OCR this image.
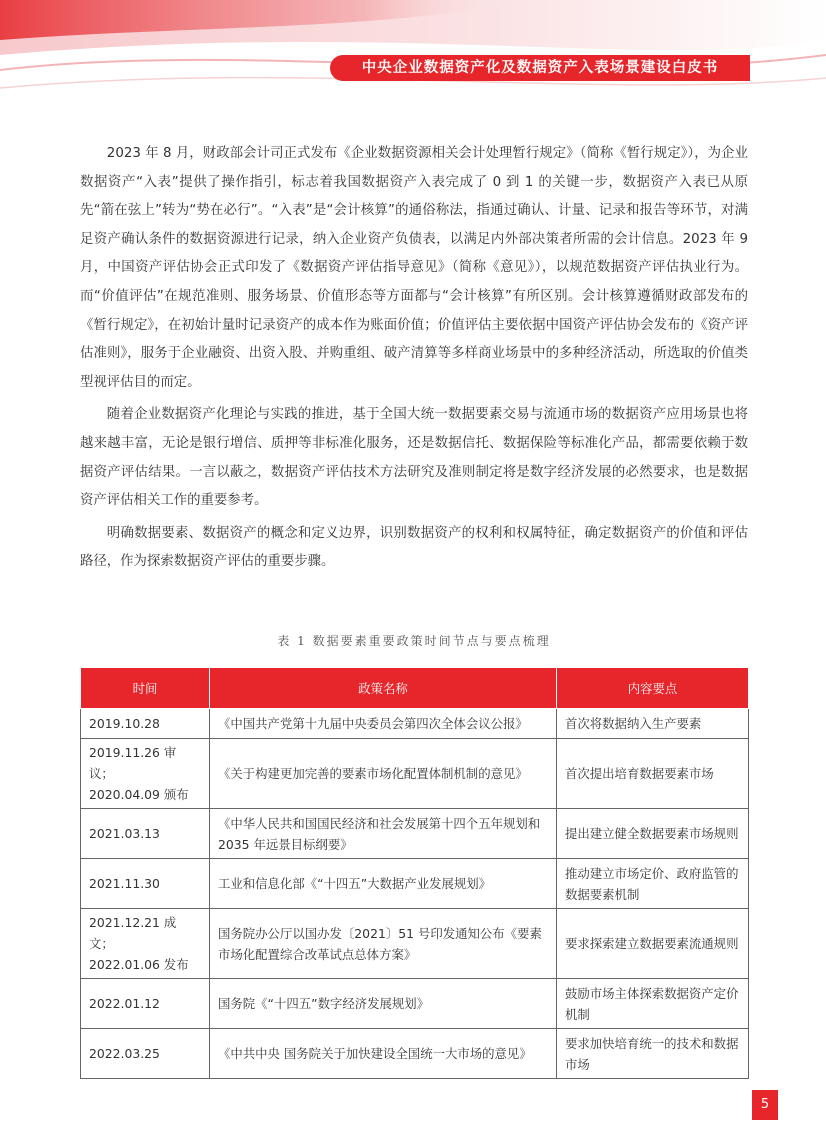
中央企业数据资产化及数据资产入表场景建设白皮书

2023 年 8 月，财政部会计司正式发布《企业数据资源相关会计处理暂行规定》（简称《暂行规定》），为企业数据资产“入表”提供了操作指引，标志着我国数据资产入表完成了 0 到 1 的关键一步，数据资产入表已从原先“箭在弦上”转为“势在必行”。“入表”是“会计核算”的通俗称法，指通过确认、计量、记录和报告等环节，对满足资产确认条件的数据资源进行记录，纳入企业资产负债表，以满足内外部决策者所需的会计信息。2023 年 9 月，中国资产评估协会正式印发了《数据资产评估指导意见》（简称《意见》），以规范数据资产评估执业行为。而“价值评估”在规范准则、服务场景、价值形态等方面都与“会计核算”有所区别。会计核算遵循财政部发布的《暂行规定》，在初始计量时记录资产的成本作为账面价值；价值评估主要依据中国资产评估协会发布的《资产评估准则》，服务于企业融资、出资入股、并购重组、破产清算等多样商业场景中的多种经济活动，所选取的价值类型视评估目的而定。

随着企业数据资产化理论与实践的推进，基于全国大统一数据要素交易与流通市场的数据资产应用场景也将越来越丰富，无论是银行增信、质押等非标准化服务，还是数据信托、数据保险等标准化产品，都需要依赖于数据资产评估结果。一言以蔽之，数据资产评估技术方法研究及准则制定将是数字经济发展的必然要求，也是数据资产评估相关工作的重要参考。

明确数据要素、数据资产的概念和定义边界，识别数据资产的权利和权属特征，确定数据资产的价值和评估路径，作为探索数据资产评估的重要步骤。

表 1 数据要素重要政策时间节点与要点梳理
时间	政策名称	内容要点
2019.10.28	《中国共产党第十九届中央委员会第四次全体会议公报》	首次将数据纳入生产要素
2019.11.26 审议；
2020.04.09 颁布	《关于构建更加完善的要素市场化配置体制机制的意见》	首次提出培育数据要素市场
2021.03.13	《中华人民共和国国民经济和社会发展第十四个五年规划和 2035 年远景目标纲要》	提出建立健全数据要素市场规则
2021.11.30	工业和信息化部《“十四五”大数据产业发展规划》	推动建立市场定价、政府监管的数据要素机制
2021.12.21 成文；
2022.01.06 发布	国务院办公厅以国办发〔2021〕51 号印发通知公布《要素市场化配置综合改革试点总体方案》	要求探索建立数据要素流通规则
2022.01.12	国务院《“十四五”数字经济发展规划》	鼓励市场主体探索数据资产定价机制
2022.03.25	《中共中央 国务院关于加快建设全国统一大市场的意见》	要求加快培育统一的技术和数据市场
5
